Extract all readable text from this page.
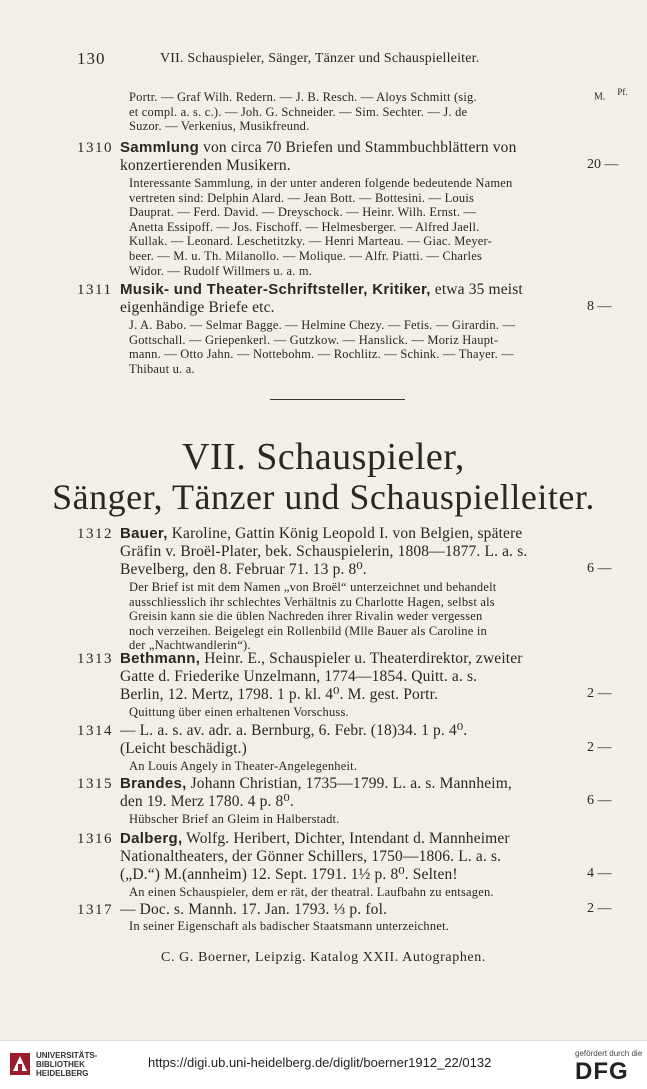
130	VII. Schauspieler, Sänger, Tänzer und Schauspielleiter.
M. Pf.
Portr. — Graf Wilh. Redern. — J. B. Resch. — Aloys Schmitt (sig.
et compl. a. s. c.). — Joh. G. Schneider. — Sim. Sechter. — J. de
Suzor. — Verkenius, Musikfreund.
1310 Sammlung von circa 70 Briefen und Stammbuchblättern von
konzertierenden Musikern.	20 —
Interessante Sammlung, in der unter anderen folgende bedeutende Namen
vertreten sind: Delphin Alard. — Jean Bott. — Bottesini. — Louis
Dauprat. — Ferd. David. — Dreyschock. — Heinr. Wilh. Ernst. —
Anetta Essipoff. — Jos. Fischoff. — Helmesberger. — Alfred Jaell.
Kullak. — Leonard. Leschetitzky. — Henri Marteau. — Giac. Meyer-
beer. — M. u. Th. Milanollo. — Molique. — Alfr. Piatti. — Charles
Widor. — Rudolf Willmers u. a. m.
1311 Musik- und Theater-Schriftsteller, Kritiker, etwa 35 meist
eigenhändige Briefe etc.	8 —
J. A. Babo. — Selmar Bagge. — Helmine Chezy. — Fetis. — Girardin. —
Gottschall. — Griepenkerl. — Gutzkow. — Hanslick. — Moriz Haupt-
mann. — Otto Jahn. — Nottebohm. — Rochlitz. — Schink. — Thayer. —
Thibaut u. a.
VII. Schauspieler,
Sänger, Tänzer und Schauspielleiter.
1312 Bauer, Karoline, Gattin König Leopold I. von Belgien, spätere
Gräfin v. Broël-Plater, bek. Schauspielerin, 1808—1877. L. a. s.
Bevelberg, den 8. Februar 71. 13 p. 8⁰.	6 —
Der Brief ist mit dem Namen „von Broël“ unterzeichnet und behandelt
ausschliesslich ihr schlechtes Verhältnis zu Charlotte Hagen, selbst als
Greisin kann sie die üblen Nachreden ihrer Rivalin weder vergessen
noch verzeihen. Beigelegt ein Rollenbild (Mlle Bauer als Caroline in
der „Nachtwandlerin“).
1313 Bethmann, Heinr. E., Schauspieler u. Theaterdirektor, zweiter
Gatte d. Friederike Unzelmann, 1774—1854. Quitt. a. s.
Berlin, 12. Mertz, 1798. 1 p. kl. 4⁰. M. gest. Portr.	2 —
Quittung über einen erhaltenen Vorschuss.
1314 — L. a. s. av. adr. a. Bernburg, 6. Febr. (18)34. 1 p. 4⁰.
(Leicht beschädigt.)	2 —
An Louis Angely in Theater-Angelegenheit.
1315 Brandes, Johann Christian, 1735—1799. L. a. s. Mannheim,
den 19. Merz 1780. 4 p. 8⁰.	6 —
Hübscher Brief an Gleim in Halberstadt.
1316 Dalberg, Wolfg. Heribert, Dichter, Intendant d. Mannheimer
Nationaltheaters, der Gönner Schillers, 1750—1806. L. a. s.
(„D.“) M.(annheim) 12. Sept. 1791. 1½ p. 8⁰. Selten!	4 —
An einen Schauspieler, dem er rät, der theatral. Laufbahn zu entsagen.
1317 — Doc. s. Mannh. 17. Jan. 1793. ⅓ p. fol.	2 —
In seiner Eigenschaft als badischer Staatsmann unterzeichnet.
C. G. Boerner, Leipzig. Katalog XXII. Autographen.
UNIVERSITÄTS-
BIBLIOTHEK
HEIDELBERG
https://digi.ub.uni-heidelberg.de/diglit/boerner1912_22/0132
gefördert durch die
DFG
